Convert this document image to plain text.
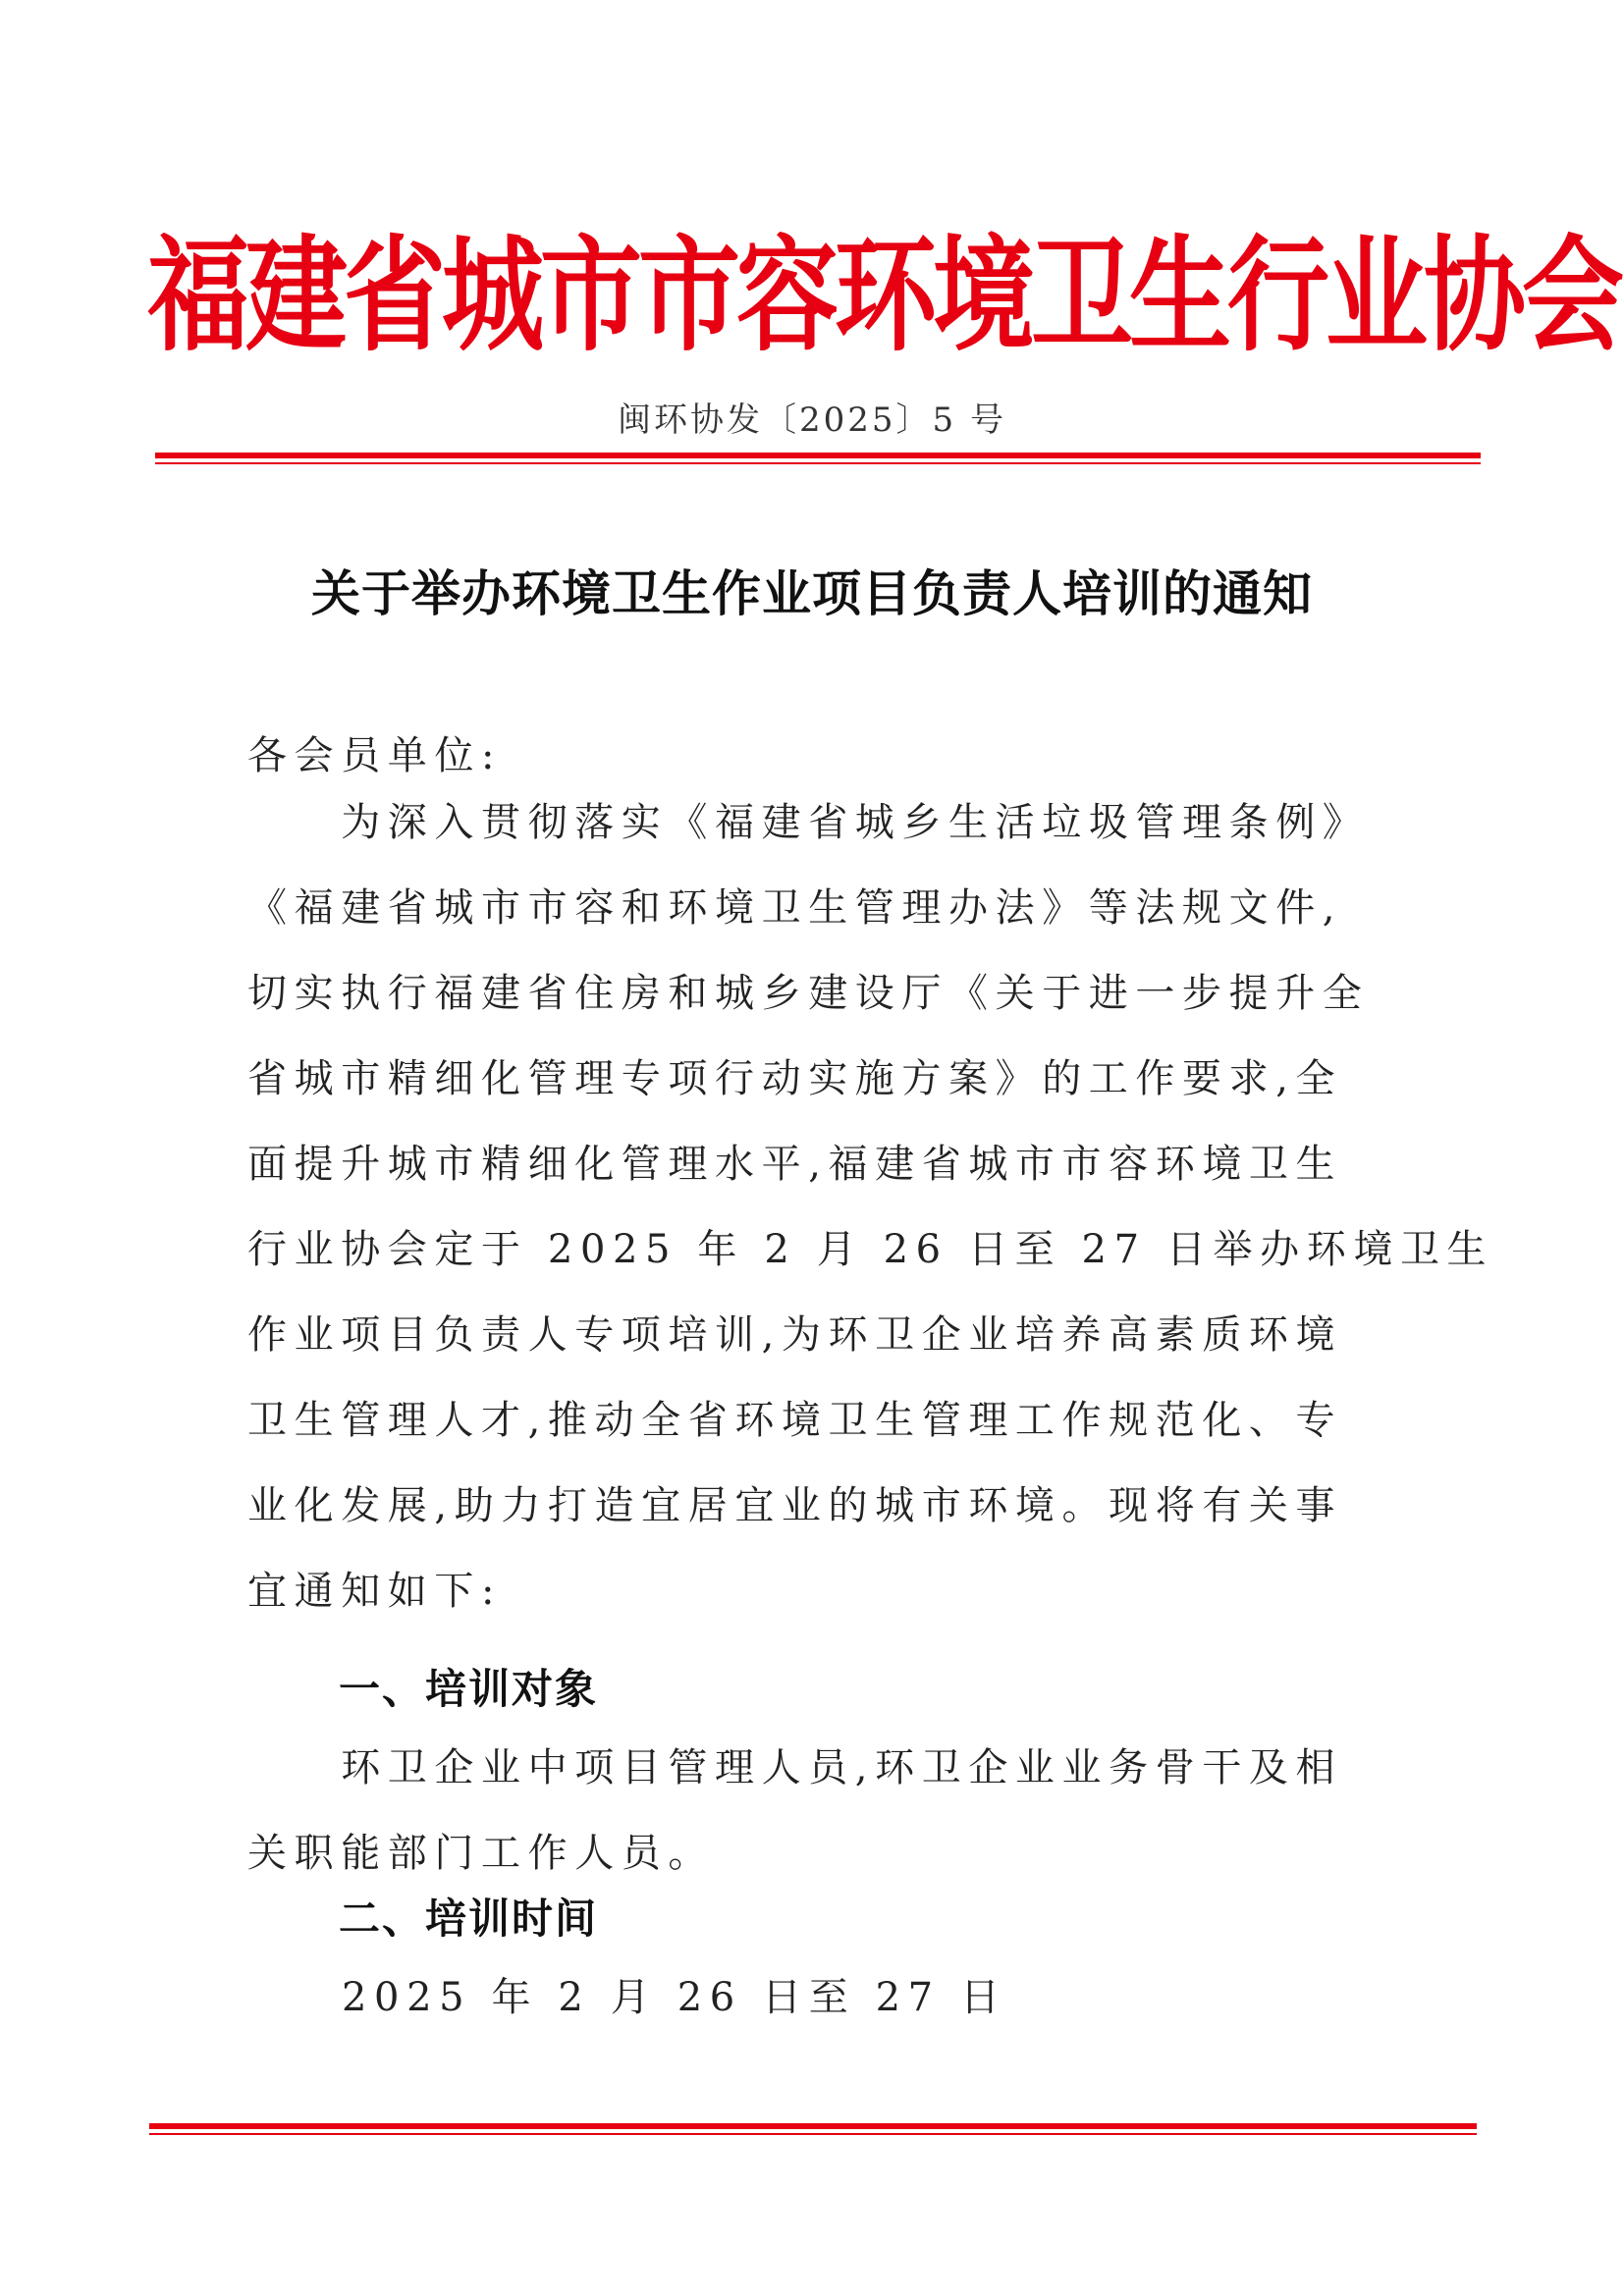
福建省城市市容环境卫生行业协会
闽环协发〔2025〕5 号
关于举办环境卫生作业项目负责人培训的通知
各会员单位:
　　为深入贯彻落实《福建省城乡生活垃圾管理条例》
《福建省城市市容和环境卫生管理办法》等法规文件,
切实执行福建省住房和城乡建设厅《关于进一步提升全
省城市精细化管理专项行动实施方案》的工作要求,全
面提升城市精细化管理水平,福建省城市市容环境卫生
行业协会定于 2025 年 2 月 26 日至 27 日举办环境卫生
作业项目负责人专项培训,为环卫企业培养高素质环境
卫生管理人才,推动全省环境卫生管理工作规范化、专
业化发展,助力打造宜居宜业的城市环境。现将有关事
宜通知如下:
一、培训对象
　　环卫企业中项目管理人员,环卫企业业务骨干及相
关职能部门工作人员。
二、培训时间
2025 年 2 月 26 日至 27 日
